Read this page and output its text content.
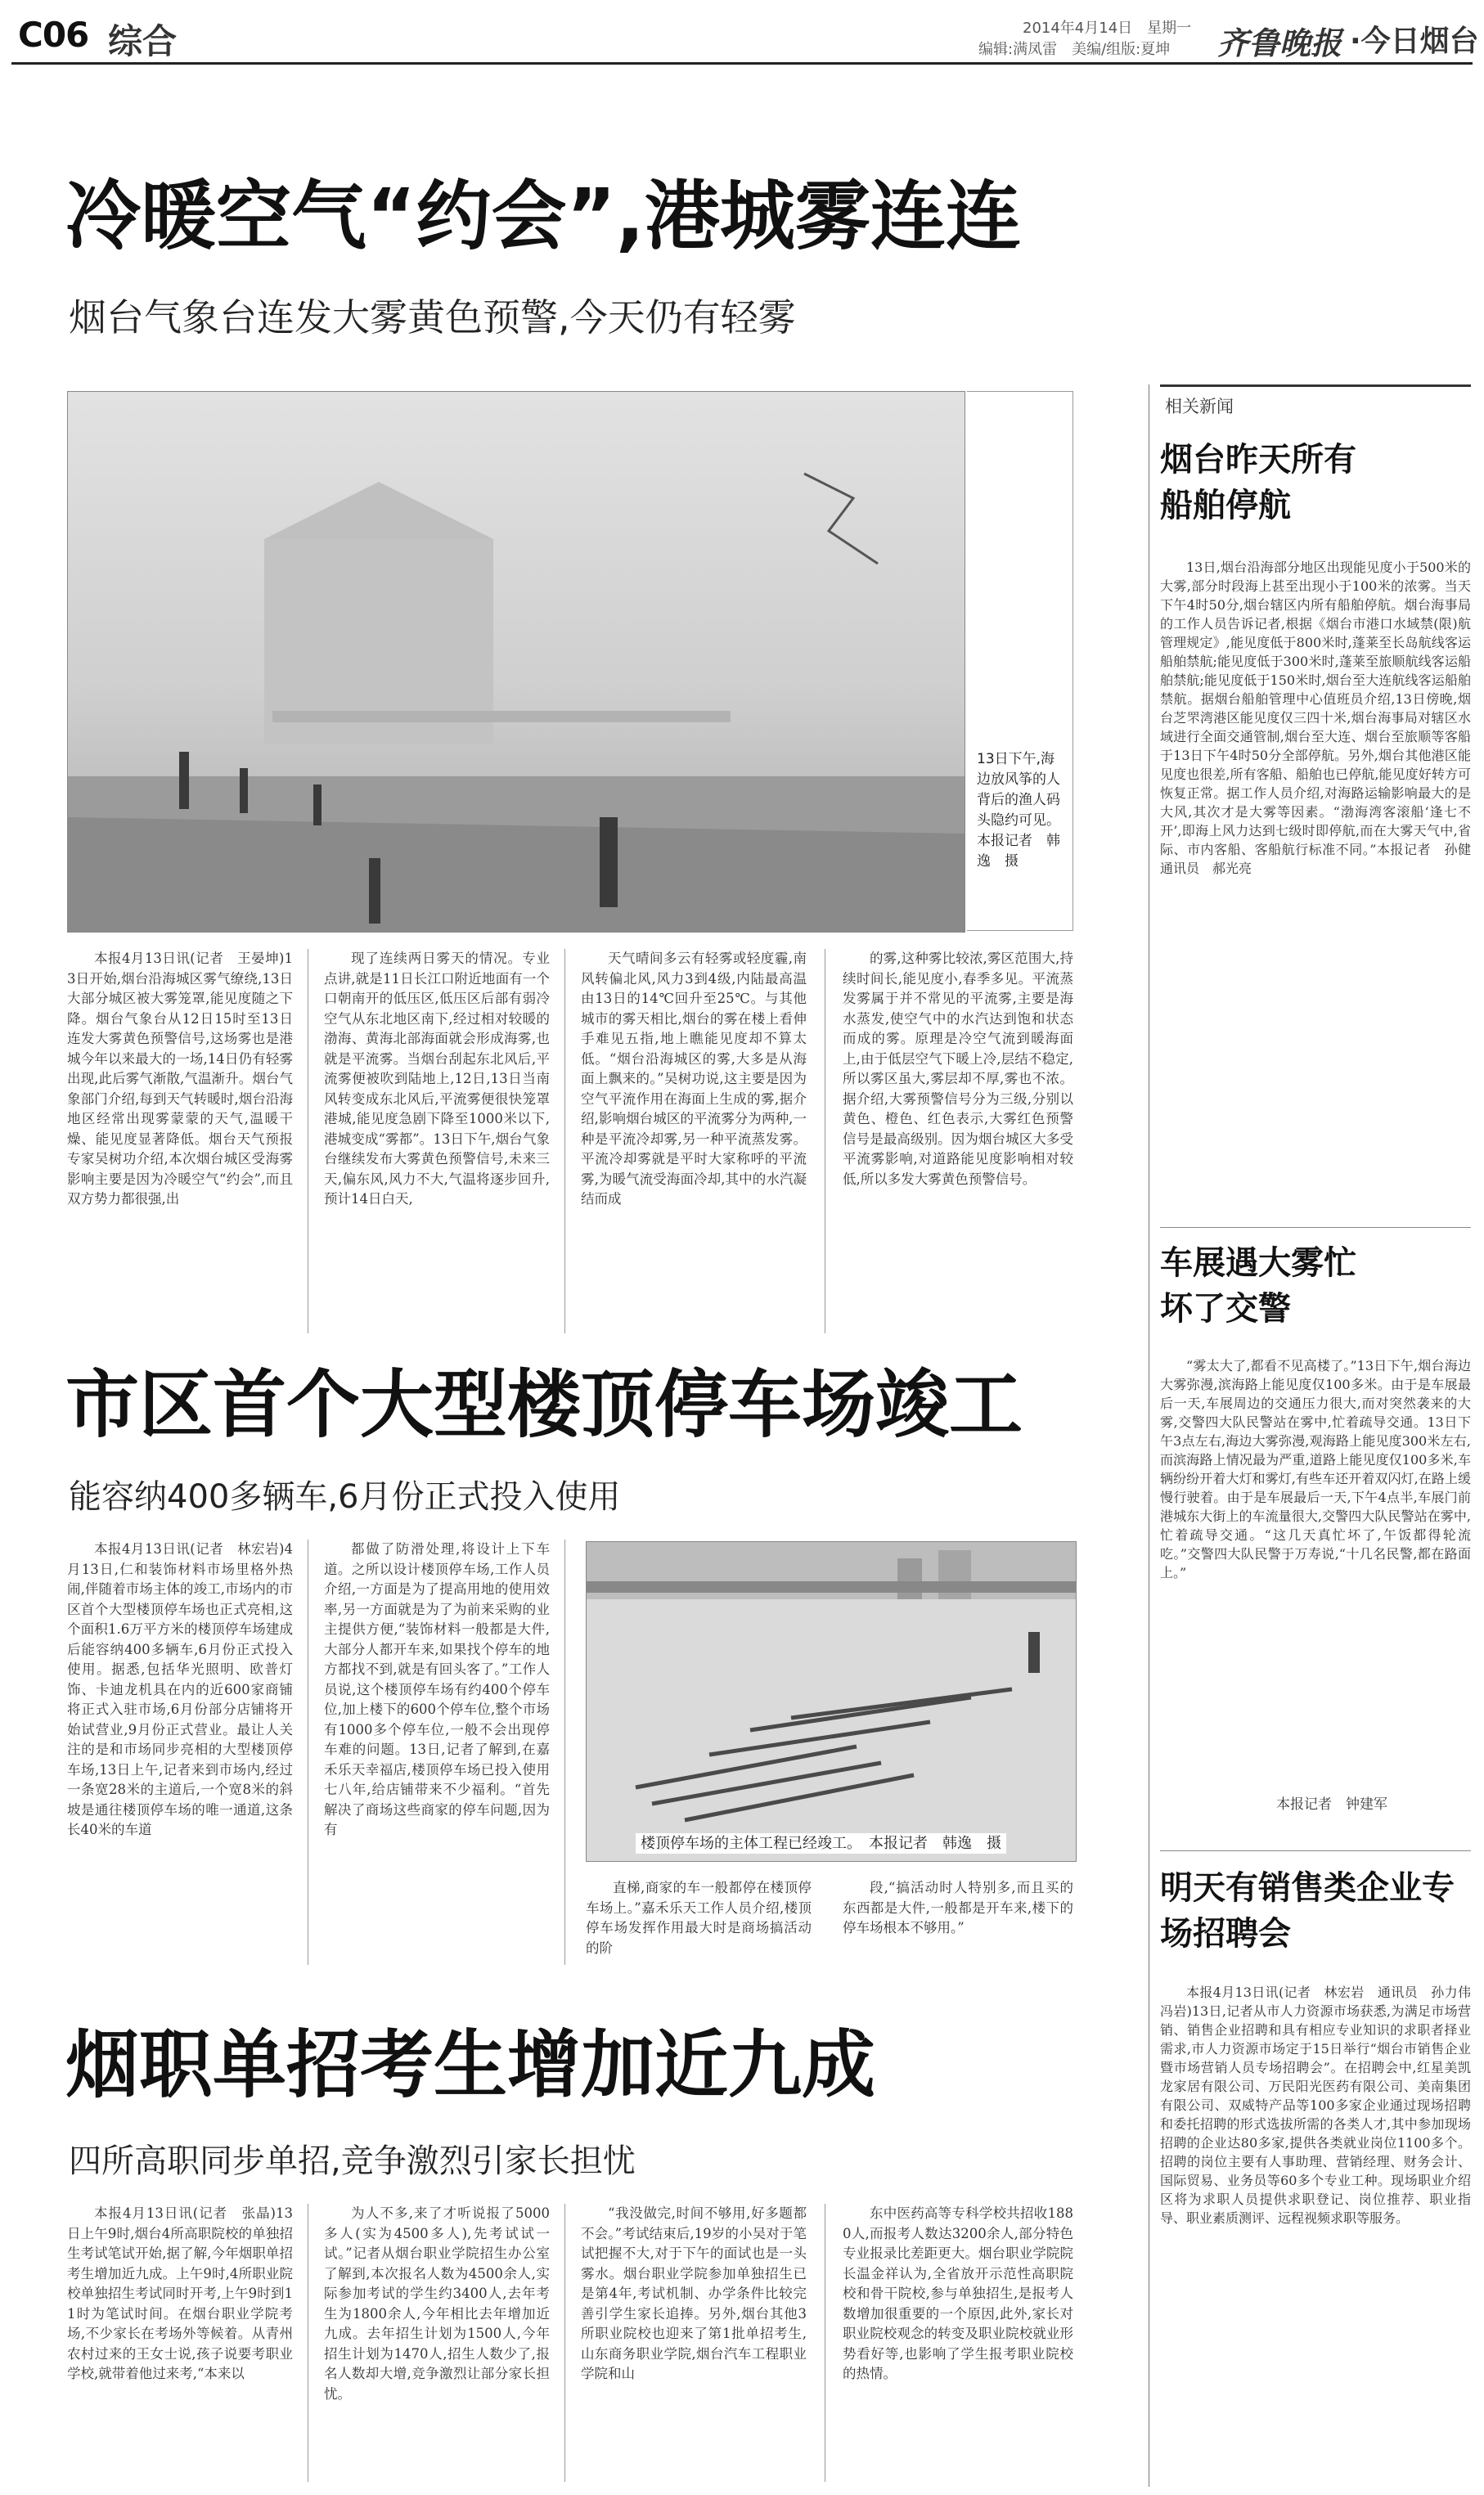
C06 综合	2014年4月14日　星期一
编辑:满凤雷　美编/组版:夏坤 齐鲁晚报 ·今日烟台
冷暖空气“约会”,港城雾连连
烟台气象台连发大雾黄色预警,今天仍有轻雾
13日下午,海边放风筝的人背后的渔人码头隐约可见。本报记者　韩逸　摄

本报4月13日讯(记者　王晏坤)13日开始,烟台沿海城区雾气缭绕,13日大部分城区被大雾笼罩,能见度随之下降。烟台气象台从12日15时至13日连发大雾黄色预警信号,这场雾也是港城今年以来最大的一场,14日仍有轻雾出现,此后雾气渐散,气温渐升。烟台气象部门介绍,每到天气转暖时,烟台沿海地区经常出现雾蒙蒙的天气,温暖干燥、能见度显著降低。烟台天气预报专家吴树功介绍,本次烟台城区受海雾影响主要是因为冷暖空气“约会”,而且双方势力都很强,出

现了连续两日雾天的情况。专业点讲,就是11日长江口附近地面有一个口朝南开的低压区,低压区后部有弱冷空气从东北地区南下,经过相对较暖的渤海、黄海北部海面就会形成海雾,也就是平流雾。当烟台刮起东北风后,平流雾便被吹到陆地上,12日,13日当南风转变成东北风后,平流雾便很快笼罩港城,能见度急剧下降至1000米以下,港城变成“雾都”。13日下午,烟台气象台继续发布大雾黄色预警信号,未来三天,偏东风,风力不大,气温将逐步回升,预计14日白天,

天气晴间多云有轻雾或轻度霾,南风转偏北风,风力3到4级,内陆最高温由13日的14℃回升至25℃。与其他城市的雾天相比,烟台的雾在楼上看伸手难见五指,地上瞧能见度却不算太低。“烟台沿海城区的雾,大多是从海面上飘来的。”吴树功说,这主要是因为空气平流作用在海面上生成的雾,据介绍,影响烟台城区的平流雾分为两种,一种是平流冷却雾,另一种平流蒸发雾。平流冷却雾就是平时大家称呼的平流雾,为暖气流受海面冷却,其中的水汽凝结而成

的雾,这种雾比较浓,雾区范围大,持续时间长,能见度小,春季多见。平流蒸发雾属于并不常见的平流雾,主要是海水蒸发,使空气中的水汽达到饱和状态而成的雾。原理是冷空气流到暖海面上,由于低层空气下暖上冷,层结不稳定,所以雾区虽大,雾层却不厚,雾也不浓。据介绍,大雾预警信号分为三级,分别以黄色、橙色、红色表示,大雾红色预警信号是最高级别。因为烟台城区大多受平流雾影响,对道路能见度影响相对较低,所以多发大雾黄色预警信号。

市区首个大型楼顶停车场竣工
能容纳400多辆车,6月份正式投入使用

本报4月13日讯(记者　林宏岩)4月13日,仁和装饰材料市场里格外热闹,伴随着市场主体的竣工,市场内的市区首个大型楼顶停车场也正式亮相,这个面积1.6万平方米的楼顶停车场建成后能容纳400多辆车,6月份正式投入使用。据悉,包括华光照明、欧普灯饰、卡迪龙机具在内的近600家商铺将正式入驻市场,6月份部分店铺将开始试营业,9月份正式营业。最让人关注的是和市场同步亮相的大型楼顶停车场,13日上午,记者来到市场内,经过一条宽28米的主道后,一个宽8米的斜坡是通往楼顶停车场的唯一通道,这条长40米的车道

都做了防滑处理,将设计上下车道。之所以设计楼顶停车场,工作人员介绍,一方面是为了提高用地的使用效率,另一方面就是为了为前来采购的业主提供方便,“装饰材料一般都是大件,大部分人都开车来,如果找个停车的地方都找不到,就是有回头客了。”工作人员说,这个楼顶停车场有约400个停车位,加上楼下的600个停车位,整个市场有1000多个停车位,一般不会出现停车难的问题。13日,记者了解到,在嘉禾乐天幸福店,楼顶停车场已投入使用七八年,给店铺带来不少福利。“首先解决了商场这些商家的停车问题,因为有

楼顶停车场的主体工程已经竣工。　本报记者　韩逸　摄

直梯,商家的车一般都停在楼顶停车场上。”嘉禾乐天工作人员介绍,楼顶停车场发挥作用最大时是商场搞活动的阶

段,“搞活动时人特别多,而且买的东西都是大件,一般都是开车来,楼下的停车场根本不够用。”

烟职单招考生增加近九成
四所高职同步单招,竞争激烈引家长担忧

本报4月13日讯(记者　张晶)13日上午9时,烟台4所高职院校的单独招生考试笔试开始,据了解,今年烟职单招考生增加近九成。上午9时,4所职业院校单独招生考试同时开考,上午9时到11时为笔试时间。在烟台职业学院考场,不少家长在考场外等候着。从青州农村过来的王女士说,孩子说要考职业学校,就带着他过来考,“本来以

为人不多,来了才听说报了5000多人(实为4500多人),先考试试一试。”记者从烟台职业学院招生办公室了解到,本次报名人数为4500余人,实际参加考试的学生约3400人,去年考生为1800余人,今年相比去年增加近九成。去年招生计划为1500人,今年招生计划为1470人,招生人数少了,报名人数却大增,竞争激烈让部分家长担忧。

“我没做完,时间不够用,好多题都不会。”考试结束后,19岁的小吴对于笔试把握不大,对于下午的面试也是一头雾水。烟台职业学院参加单独招生已是第4年,考试机制、办学条件比较完善引学生家长追捧。另外,烟台其他3所职业院校也迎来了第1批单招考生,山东商务职业学院,烟台汽车工程职业学院和山

东中医药高等专科学校共招收1880人,而报考人数达3200余人,部分特色专业报录比差距更大。烟台职业学院院长温金祥认为,全省放开示范性高职院校和骨干院校,参与单独招生,是报考人数增加很重要的一个原因,此外,家长对职业院校观念的转变及职业院校就业形势看好等,也影响了学生报考职业院校的热情。

相关新闻
烟台昨天所有船舶停航

13日,烟台沿海部分地区出现能见度小于500米的大雾,部分时段海上甚至出现小于100米的浓雾。当天下午4时50分,烟台辖区内所有船舶停航。烟台海事局的工作人员告诉记者,根据《烟台市港口水域禁(限)航管理规定》,能见度低于800米时,蓬莱至长岛航线客运船舶禁航;能见度低于300米时,蓬莱至旅顺航线客运船舶禁航;能见度低于150米时,烟台至大连航线客运船舶禁航。据烟台船舶管理中心值班员介绍,13日傍晚,烟台芝罘湾港区能见度仅三四十米,烟台海事局对辖区水域进行全面交通管制,烟台至大连、烟台至旅顺等客船于13日下午4时50分全部停航。另外,烟台其他港区能见度也很差,所有客船、船舶也已停航,能见度好转方可恢复正常。据工作人员介绍,对海路运输影响最大的是大风,其次才是大雾等因素。“渤海湾客滚船‘逢七不开’,即海上风力达到七级时即停航,而在大雾天气中,省际、市内客船、客船航行标准不同。”本报记者　孙健　通讯员　郝光亮

车展遇大雾忙坏了交警

“雾太大了,都看不见高楼了。”13日下午,烟台海边大雾弥漫,滨海路上能见度仅100多米。由于是车展最后一天,车展周边的交通压力很大,而对突然袭来的大雾,交警四大队民警站在雾中,忙着疏导交通。13日下午3点左右,海边大雾弥漫,观海路上能见度300米左右,而滨海路上情况最为严重,道路上能见度仅100多米,车辆纷纷开着大灯和雾灯,有些车还开着双闪灯,在路上缓慢行驶着。由于是车展最后一天,下午4点半,车展门前港城东大街上的车流量很大,交警四大队民警站在雾中,忙着疏导交通。“这几天真忙坏了,午饭都得轮流吃。”交警四大队民警于万寿说,“十几名民警,都在路面上。”

本报记者　钟建军
明天有销售类企业专场招聘会

本报4月13日讯(记者　林宏岩　通讯员　孙力伟　冯岩)13日,记者从市人力资源市场获悉,为满足市场营销、销售企业招聘和具有相应专业知识的求职者择业需求,市人力资源市场定于15日举行“烟台市销售企业暨市场营销人员专场招聘会”。在招聘会中,红星美凯龙家居有限公司、万民阳光医药有限公司、美南集团有限公司、双威特产品等100多家企业通过现场招聘和委托招聘的形式选拔所需的各类人才,其中参加现场招聘的企业达80多家,提供各类就业岗位1100多个。招聘的岗位主要有人事助理、营销经理、财务会计、国际贸易、业务员等60多个专业工种。现场职业介绍区将为求职人员提供求职登记、岗位推荐、职业指导、职业素质测评、远程视频求职等服务。
